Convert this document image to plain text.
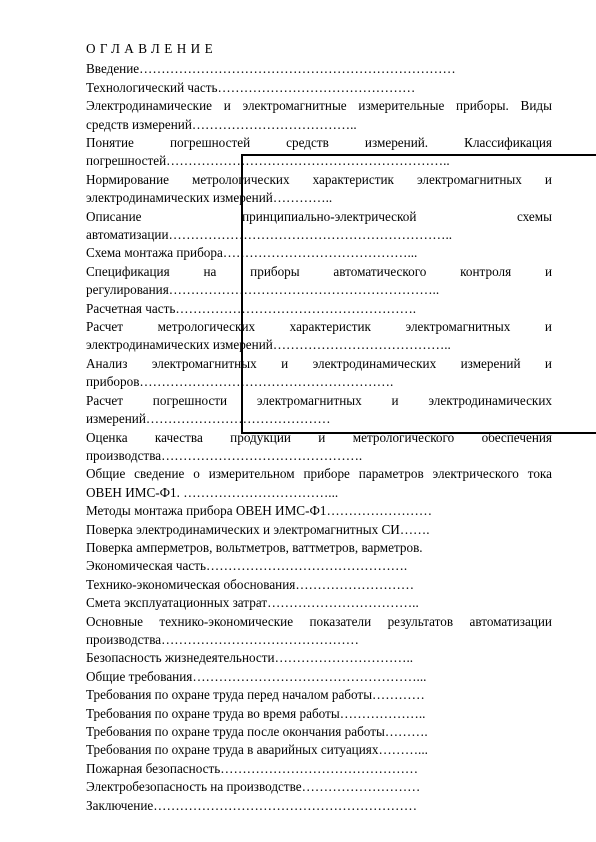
ОГЛАВЛЕНИЕ
Введение………………………………………………………………
Технологический часть………………………………………
Электродинамические и электромагнитные измерительные приборы. Виды средств измерений………………………………..
Понятие погрешностей средств измерений. Классификация погрешностей………………………………………………………..
Нормирование метрологических характеристик электромагнитных и электродинамических измерений…………..
Описание принципиально-электрической схемы автоматизации………………………………………………………..
Схема монтажа прибора……………………………………...
Спецификация на приборы автоматического контроля и регулирования……………………………………………………..
Расчетная часть……………………………………………….
Расчет метрологических характеристик электромагнитных и электродинамических измерений…………………………………..
Анализ электромагнитных и электродинамических измерений и приборов………………………………………………….
Расчет погрешности электромагнитных и электродинамических измерений……………………………………
Оценка качества продукции и метрологического обеспечения производства……………………………………….
Общие сведение о измерительном приборе параметров электрического тока ОВЕН ИМС-Ф1. ……………………………...
Методы монтажа прибора ОВЕН ИМС-Ф1……………………
Поверка электродинамических и электромагнитных СИ…….
Поверка амперметров, вольтметров, ваттметров, варметров.
Экономическая часть……………………………………….
Технико-экономическая обоснования………………………
Смета эксплуатационных затрат……………………………..
Основные технико-экономические показатели результатов автоматизации производства………………………………………
Безопасность жизнедеятельности…………………………..
Общие требования……………………………………………...
Требования по охране труда перед началом работы…………
Требования по охране труда во время работы………………..
Требования по охране труда после окончания работы……….
Требования по охране труда в аварийных ситуациях………...
Пожарная безопасность………………………………………
Электробезопасность на производстве………………………
Заключение……………………………………………………
